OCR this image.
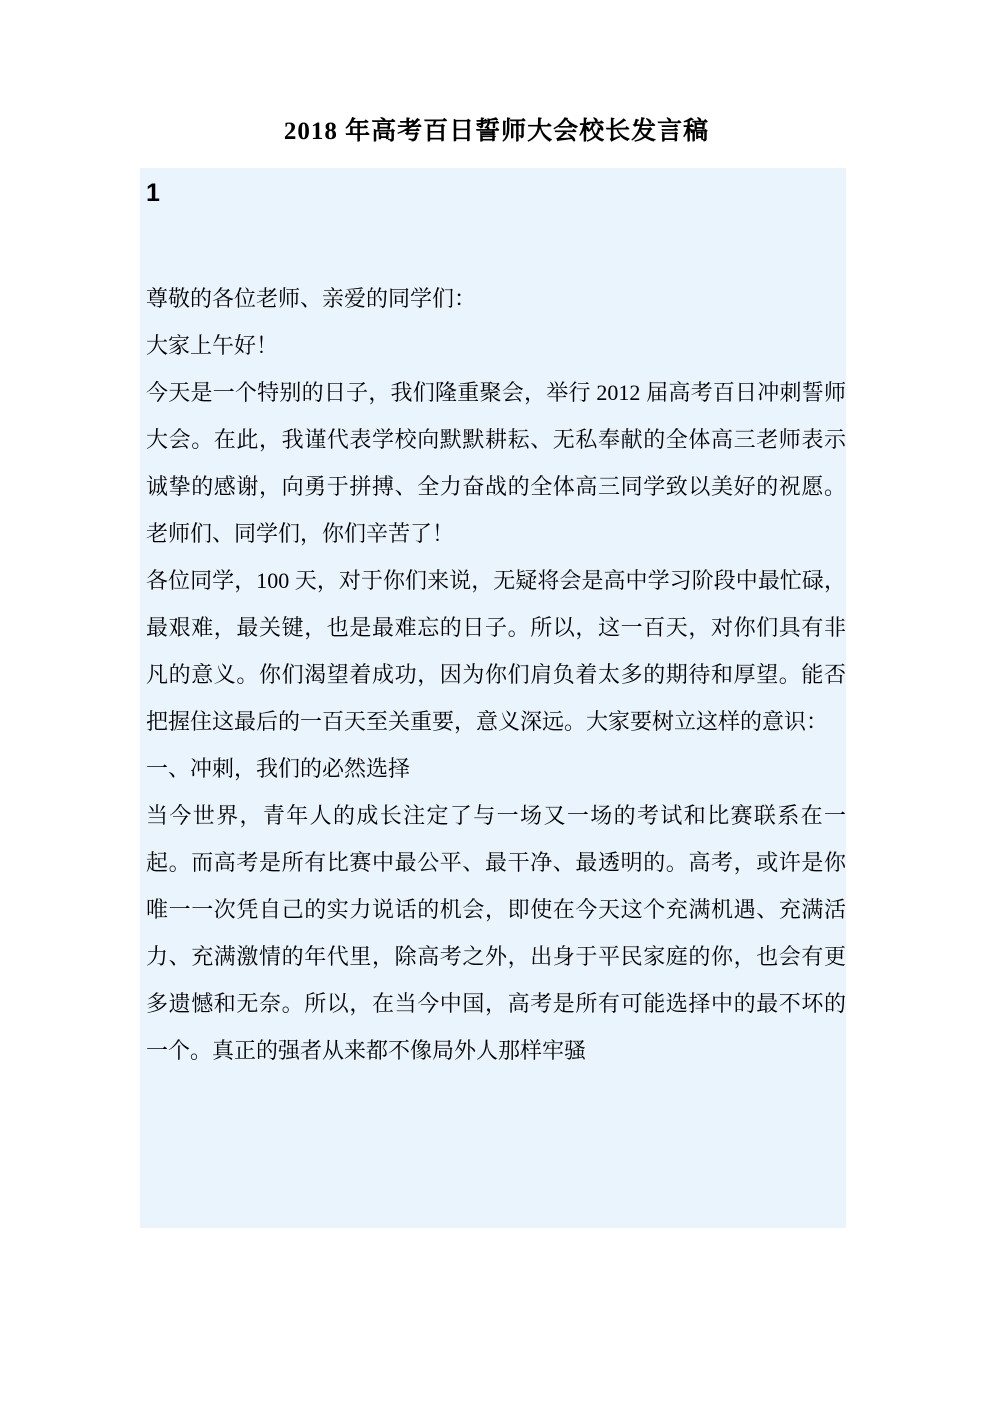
2018 年高考百日誓师大会校长发言稿
1

尊敬的各位老师、亲爱的同学们：

大家上午好！

今天是一个特别的日子，我们隆重聚会，举行 2012 届高考百日冲刺誓师大会。在此，我谨代表学校向默默耕耘、无私奉献的全体高三老师表示诚挚的感谢，向勇于拼搏、全力奋战的全体高三同学致以美好的祝愿。老师们、同学们，你们辛苦了！

各位同学，100 天，对于你们来说，无疑将会是高中学习阶段中最忙碌，最艰难，最关键，也是最难忘的日子。所以，这一百天，对你们具有非凡的意义。你们渴望着成功，因为你们肩负着太多的期待和厚望。能否把握住这最后的一百天至关重要，意义深远。大家要树立这样的意识：

一、冲刺，我们的必然选择

当今世界，青年人的成长注定了与一场又一场的考试和比赛联系在一起。而高考是所有比赛中最公平、最干净、最透明的。高考，或许是你唯一一次凭自己的实力说话的机会，即使在今天这个充满机遇、充满活力、充满激情的年代里，除高考之外，出身于平民家庭的你，也会有更多遗憾和无奈。所以，在当今中国，高考是所有可能选择中的最不坏的一个。真正的强者从来都不像局外人那样牢骚
